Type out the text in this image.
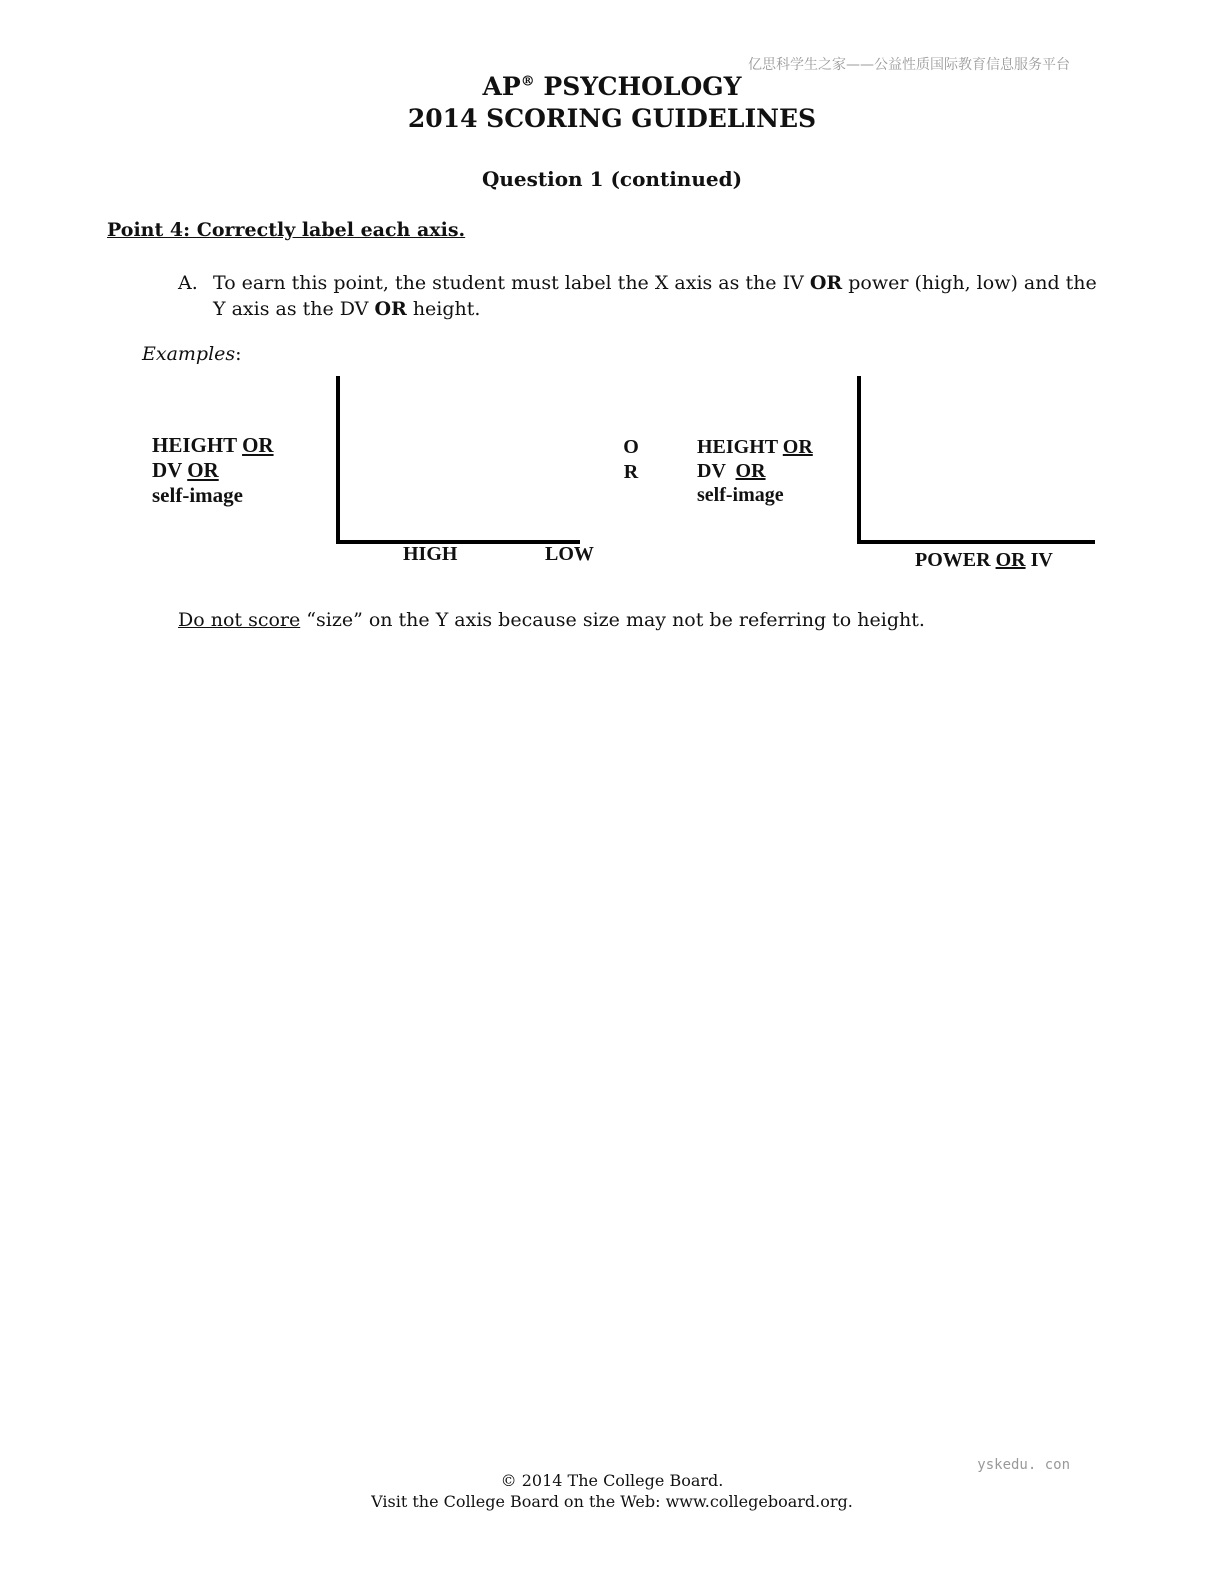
亿思科学生之家——公益性质国际教育信息服务平台
yskedu. con
AP® PSYCHOLOGY
2014 SCORING GUIDELINES
Question 1 (continued)
Point 4: Correctly label each axis.
A. To earn this point, the student must label the X axis as the IV OR power (high, low) and the Y axis as the DV OR height.
Examples:
HEIGHT OR
DV OR
self-image
HIGH	LOW
O
R
HEIGHT OR
DV  OR
self-image
POWER OR IV
Do not score “size” on the Y axis because size may not be referring to height.
© 2014 The College Board.
Visit the College Board on the Web: www.collegeboard.org.
